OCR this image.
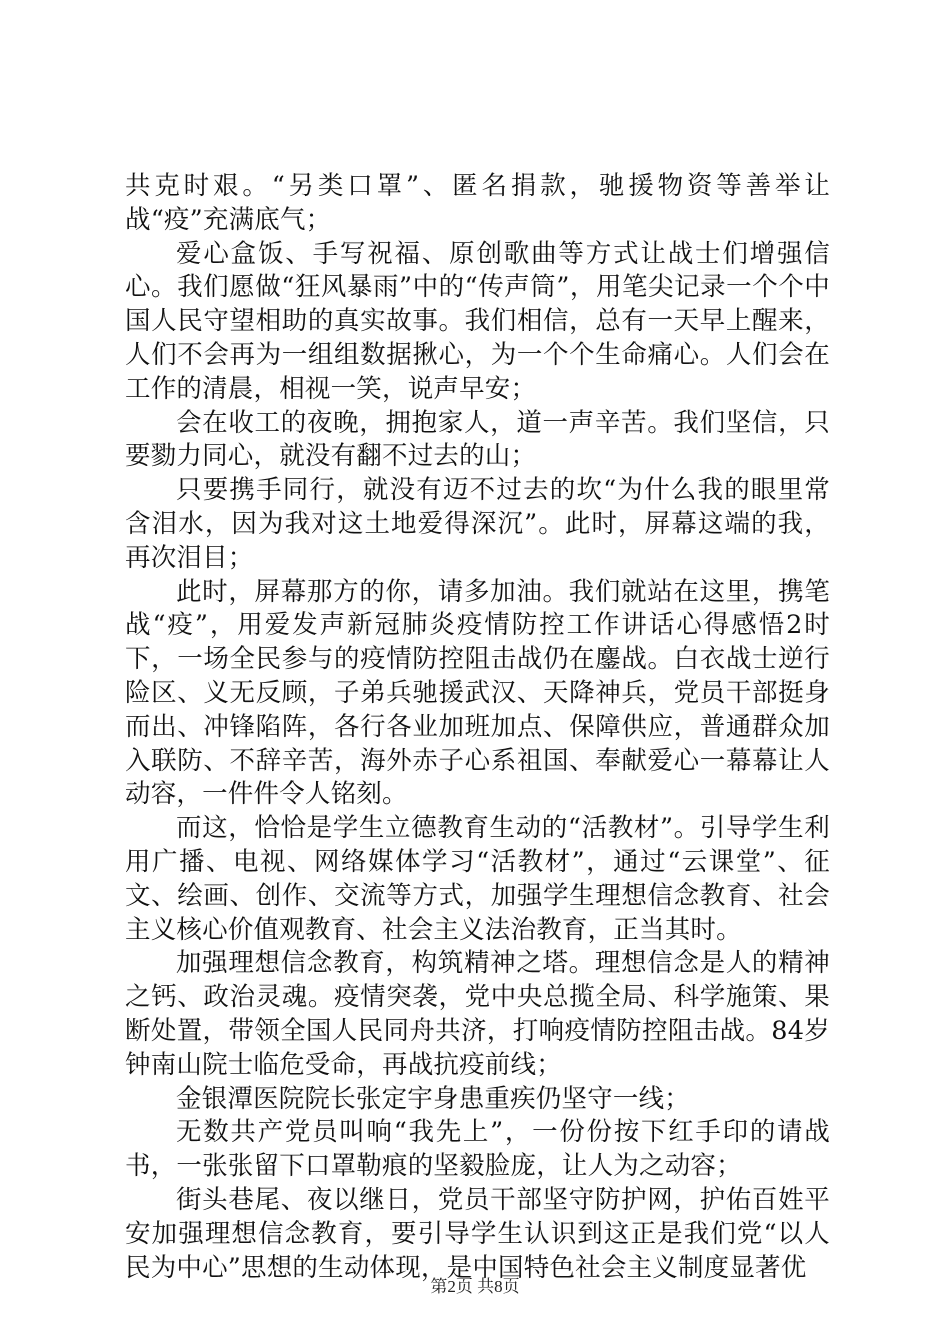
共克时艰。“另类口罩”、匿名捐款，驰援物资等善举让战“疫”充满底气；

爱心盒饭、手写祝福、原创歌曲等方式让战士们增强信心。我们愿做“狂风暴雨”中的“传声筒”，用笔尖记录一个个中国人民守望相助的真实故事。我们相信，总有一天早上醒来，人们不会再为一组组数据揪心，为一个个生命痛心。人们会在工作的清晨，相视一笑，说声早安；

会在收工的夜晚，拥抱家人，道一声辛苦。我们坚信，只要勠力同心，就没有翻不过去的山；

只要携手同行，就没有迈不过去的坎“为什么我的眼里常含泪水，因为我对这土地爱得深沉”。此时，屏幕这端的我，再次泪目；

此时，屏幕那方的你，请多加油。我们就站在这里，携笔战“疫”，用爱发声新冠肺炎疫情防控工作讲话心得感悟2时下，一场全民参与的疫情防控阻击战仍在鏖战。白衣战士逆行险区、义无反顾，子弟兵驰援武汉、天降神兵，党员干部挺身而出、冲锋陷阵，各行各业加班加点、保障供应，普通群众加入联防、不辞辛苦，海外赤子心系祖国、奉献爱心一幕幕让人动容，一件件令人铭刻。

而这，恰恰是学生立德教育生动的“活教材”。引导学生利用广播、电视、网络媒体学习“活教材”，通过“云课堂”、征文、绘画、创作、交流等方式，加强学生理想信念教育、社会主义核心价值观教育、社会主义法治教育，正当其时。

加强理想信念教育，构筑精神之塔。理想信念是人的精神之钙、政治灵魂。疫情突袭，党中央总揽全局、科学施策、果断处置，带领全国人民同舟共济，打响疫情防控阻击战。84岁钟南山院士临危受命，再战抗疫前线；

金银潭医院院长张定宇身患重疾仍坚守一线；

无数共产党员叫响“我先上”，一份份按下红手印的请战书，一张张留下口罩勒痕的坚毅脸庞，让人为之动容；

街头巷尾、夜以继日，党员干部坚守防护网，护佑百姓平安加强理想信念教育，要引导学生认识到这正是我们党“以人民为中心”思想的生动体现，是中国特色社会主义制度显著优

第2页 共8页
